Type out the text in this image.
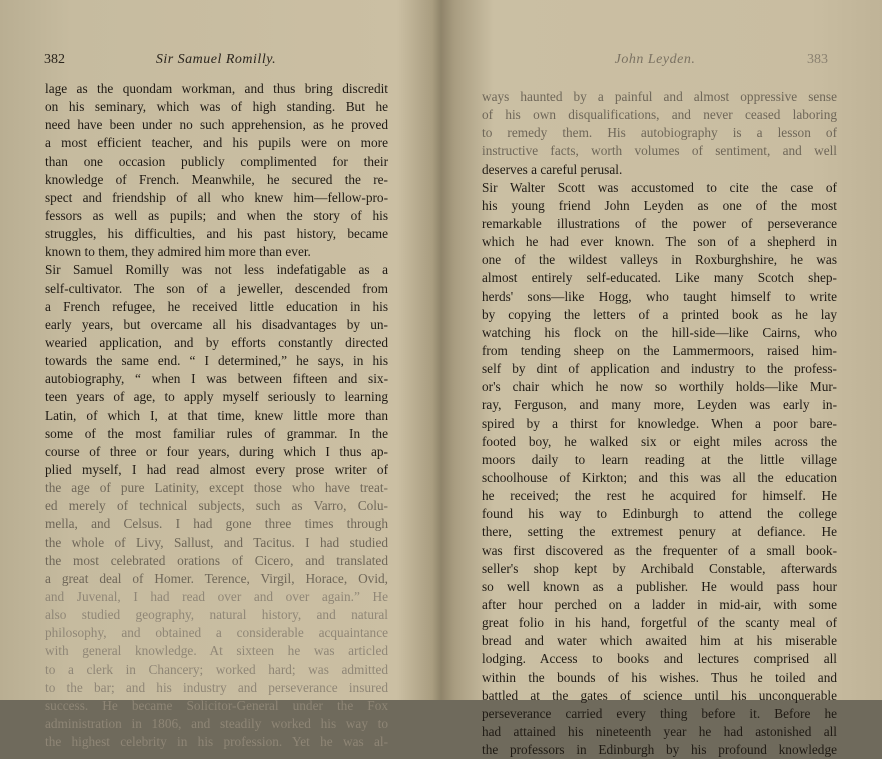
382	Sir Samuel Romilly.
lage as the quondam workman, and thus bring discredit
on his seminary, which was of high standing. But he
need have been under no such apprehension, as he proved
a most efficient teacher, and his pupils were on more
than one occasion publicly complimented for their
knowledge of French. Meanwhile, he secured the re-
spect and friendship of all who knew him—fellow-pro-
fessors as well as pupils; and when the story of his
struggles, his difficulties, and his past history, became
known to them, they admired him more than ever.
Sir Samuel Romilly was not less indefatigable as a
self-cultivator. The son of a jeweller, descended from
a French refugee, he received little education in his
early years, but overcame all his disadvantages by un-
wearied application, and by efforts constantly directed
towards the same end. “ I determined,” he says, in his
autobiography, “ when I was between fifteen and six-
teen years of age, to apply myself seriously to learning
Latin, of which I, at that time, knew little more than
some of the most familiar rules of grammar. In the
course of three or four years, during which I thus ap-
plied myself, I had read almost every prose writer of
the age of pure Latinity, except those who have treat-
ed merely of technical subjects, such as Varro, Colu-
mella, and Celsus. I had gone three times through
the whole of Livy, Sallust, and Tacitus. I had studied
the most celebrated orations of Cicero, and translated
a great deal of Homer. Terence, Virgil, Horace, Ovid,
and Juvenal, I had read over and over again.” He
also studied geography, natural history, and natural
philosophy, and obtained a considerable acquaintance
with general knowledge. At sixteen he was articled
to a clerk in Chancery; worked hard; was admitted
to the bar; and his industry and perseverance insured
success. He became Solicitor-General under the Fox
administration in 1806, and steadily worked his way to
the highest celebrity in his profession. Yet he was al-
John Leyden.	383
ways haunted by a painful and almost oppressive sense
of his own disqualifications, and never ceased laboring
to remedy them. His autobiography is a lesson of
instructive facts, worth volumes of sentiment, and well
deserves a careful perusal.
Sir Walter Scott was accustomed to cite the case of
his young friend John Leyden as one of the most
remarkable illustrations of the power of perseverance
which he had ever known. The son of a shepherd in
one of the wildest valleys in Roxburghshire, he was
almost entirely self-educated. Like many Scotch shep-
herds' sons—like Hogg, who taught himself to write
by copying the letters of a printed book as he lay
watching his flock on the hill-side—like Cairns, who
from tending sheep on the Lammermoors, raised him-
self by dint of application and industry to the profess-
or's chair which he now so worthily holds—like Mur-
ray, Ferguson, and many more, Leyden was early in-
spired by a thirst for knowledge. When a poor bare-
footed boy, he walked six or eight miles across the
moors daily to learn reading at the little village
schoolhouse of Kirkton; and this was all the education
he received; the rest he acquired for himself. He
found his way to Edinburgh to attend the college
there, setting the extremest penury at defiance. He
was first discovered as the frequenter of a small book-
seller's shop kept by Archibald Constable, afterwards
so well known as a publisher. He would pass hour
after hour perched on a ladder in mid-air, with some
great folio in his hand, forgetful of the scanty meal of
bread and water which awaited him at his miserable
lodging. Access to books and lectures comprised all
within the bounds of his wishes. Thus he toiled and
battled at the gates of science until his unconquerable
perseverance carried every thing before it. Before he
had attained his nineteenth year he had astonished all
the professors in Edinburgh by his profound knowledge
